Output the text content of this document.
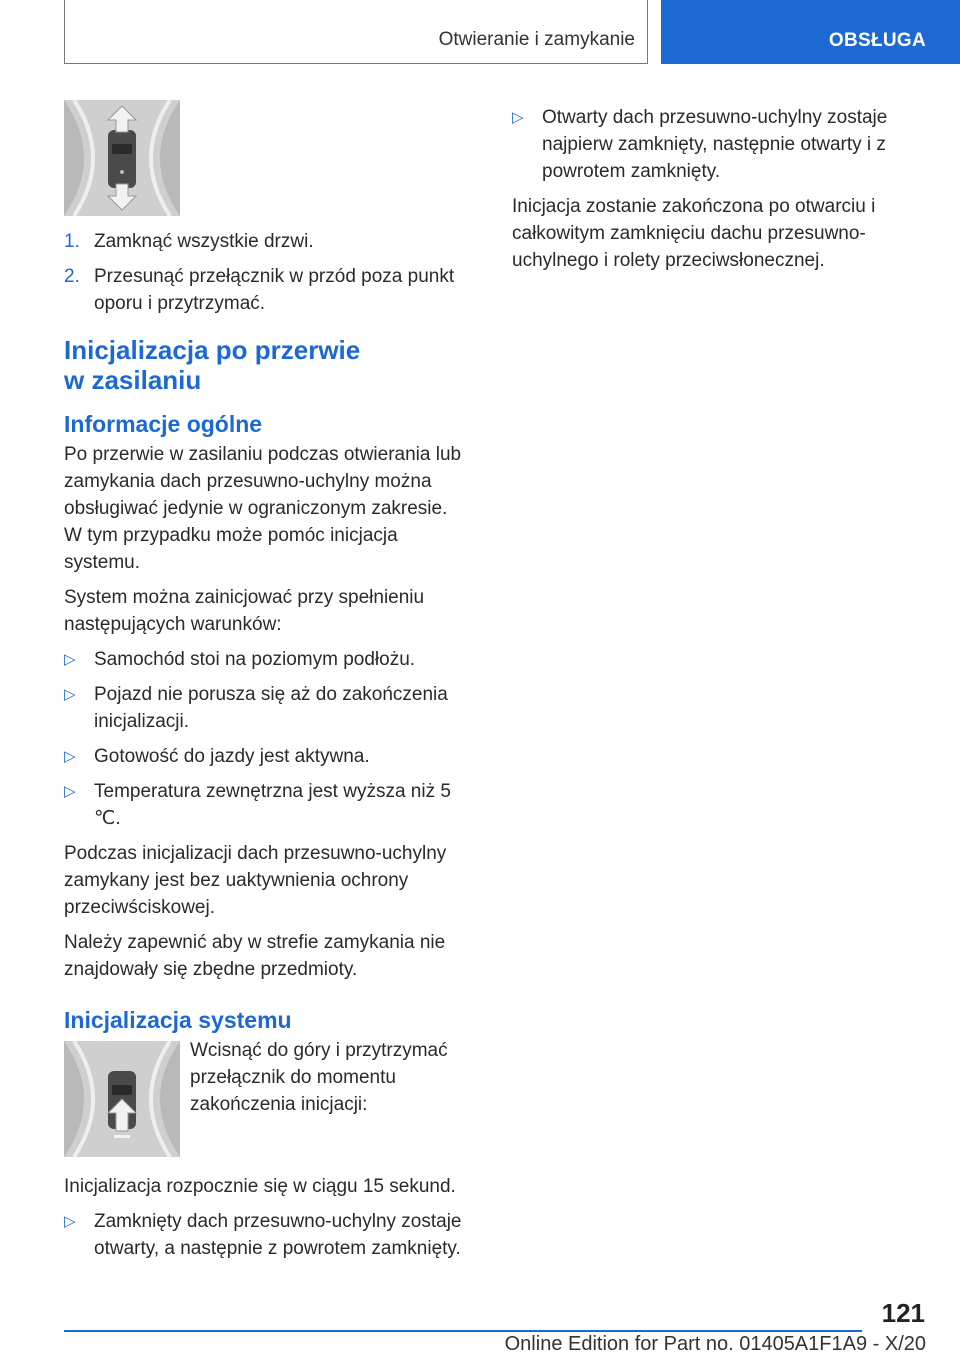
Otwieranie i zamykanie	OBSŁUGA
1. Zamknąć wszystkie drzwi.
2. Przesunąć przełącznik w przód poza punkt oporu i przytrzymać.
Inicjalizacja po przerwie
w zasilaniu
Informacje ogólne

Po przerwie w zasilaniu podczas otwierania lub zamykania dach przesuwno-uchylny można obsługiwać jedynie w ograniczonym zakresie.
W tym przypadku może pomóc inicjacja systemu.

System można zainicjować przy spełnieniu następujących warunków:

▷ Samochód stoi na poziomym podłożu.
▷ Pojazd nie porusza się aż do zakończenia inicjalizacji.
▷ Gotowość do jazdy jest aktywna.
▷ Temperatura zewnętrzna jest wyższa niż 5 ℃.

Podczas inicjalizacji dach przesuwno-uchylny zamykany jest bez uaktywnienia ochrony przeciwściskowej.

Należy zapewnić aby w strefie zamykania nie znajdowały się zbędne przedmioty.

Inicjalizacja systemu

Wcisnąć do góry i przytrzymać przełącznik do momentu zakończenia inicjacji:

Inicjalizacja rozpocznie się w ciągu 15 sekund.

▷ Zamknięty dach przesuwno-uchylny zostaje otwarty, a następnie z powrotem zamknięty.
▷ Otwarty dach przesuwno-uchylny zostaje najpierw zamknięty, następnie otwarty i z powrotem zamknięty.

Inicjacja zostanie zakończona po otwarciu i całkowitym zamknięciu dachu przesuwno-uchylnego i rolety przeciwsłonecznej.

121
Online Edition for Part no. 01405A1F1A9 - X/20
